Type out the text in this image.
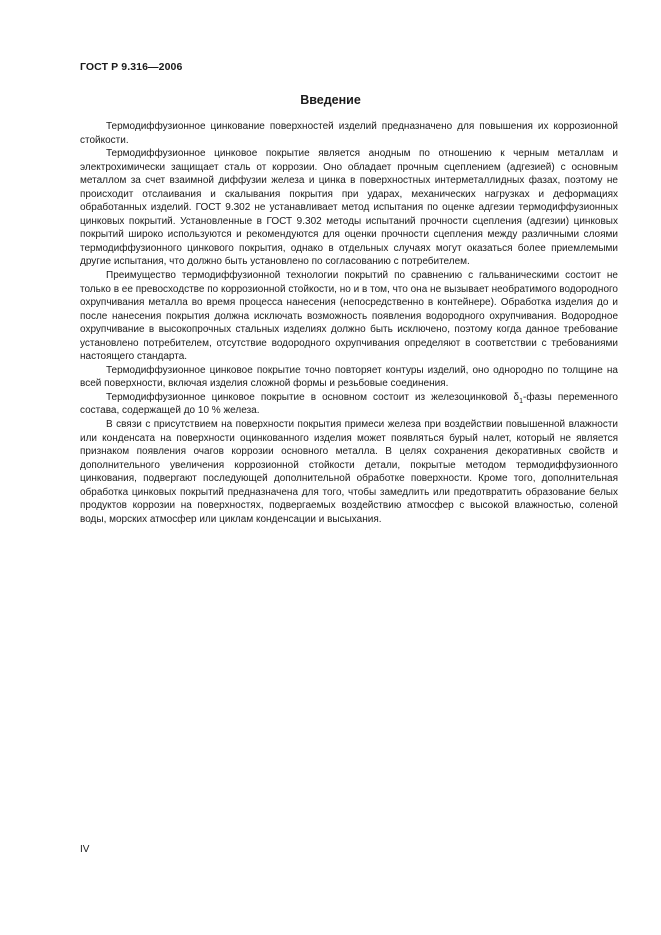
ГОСТ Р 9.316—2006
Введение

Термодиффузионное цинкование поверхностей изделий предназначено для повышения их коррозионной стойкости.

Термодиффузионное цинковое покрытие является анодным по отношению к черным металлам и электрохимически защищает сталь от коррозии. Оно обладает прочным сцеплением (адгезией) с основным металлом за счет взаимной диффузии железа и цинка в поверхностных интерметаллидных фазах, поэтому не происходит отслаивания и скалывания покрытия при ударах, механических нагрузках и деформациях обработанных изделий. ГОСТ 9.302 не устанавливает метод испытания по оценке адгезии термодиффузионных цинковых покрытий. Установленные в ГОСТ 9.302 методы испытаний прочности сцепления (адгезии) цинковых покрытий широко используются и рекомендуются для оценки прочности сцепления между различными слоями термодиффузионного цинкового покрытия, однако в отдельных случаях могут оказаться более приемлемыми другие испытания, что должно быть установлено по согласованию с потребителем.

Преимущество термодиффузионной технологии покрытий по сравнению с гальваническими состоит не только в ее превосходстве по коррозионной стойкости, но и в том, что она не вызывает необратимого водородного охрупчивания металла во время процесса нанесения (непосредственно в контейнере). Обработка изделия до и после нанесения покрытия должна исключать возможность появления водородного охрупчивания. Водородное охрупчивание в высокопрочных стальных изделиях должно быть исключено, поэтому когда данное требование установлено потребителем, отсутствие водородного охрупчивания определяют в соответствии с требованиями настоящего стандарта.

Термодиффузионное цинковое покрытие точно повторяет контуры изделий, оно однородно по толщине на всей поверхности, включая изделия сложной формы и резьбовые соединения.

Термодиффузионное цинковое покрытие в основном состоит из железоцинковой $\delta_1$-фазы переменного состава, содержащей до 10 % железа.

В связи с присутствием на поверхности покрытия примеси железа при воздействии повышенной влажности или конденсата на поверхности оцинкованного изделия может появляться бурый налет, который не является признаком появления очагов коррозии основного металла. В целях сохранения декоративных свойств и дополнительного увеличения коррозионной стойкости детали, покрытые методом термодиффузионного цинкования, подвергают последующей дополнительной обработке поверхности. Кроме того, дополнительная обработка цинковых покрытий предназначена для того, чтобы замедлить или предотвратить образование белых продуктов коррозии на поверхностях, подвергаемых воздействию атмосфер с высокой влажностью, соленой воды, морских атмосфер или циклам конденсации и высыхания.

IV
